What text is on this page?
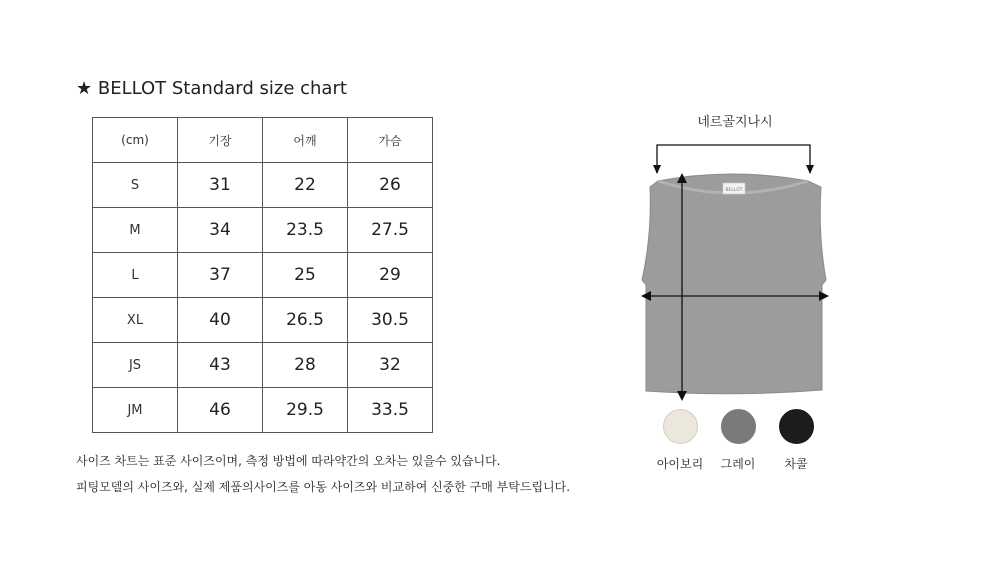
★ BELLOT Standard size chart
(cm)	기장	어깨	가슴
S	31	22	26
M	34	23.5	27.5
L	37	25	29
XL	40	26.5	30.5
JS	43	28	32
JM	46	29.5	33.5
사이즈 차트는 표준 사이즈이며, 측정 방법에 따라약간의 오차는 있을수 있습니다.
피팅모델의 사이즈와, 실제 제품의사이즈를 아동 사이즈와 비교하여 신중한 구매 부탁드립니다.
네르골지나시
BELLOT
아이보리	그레이	차콜
